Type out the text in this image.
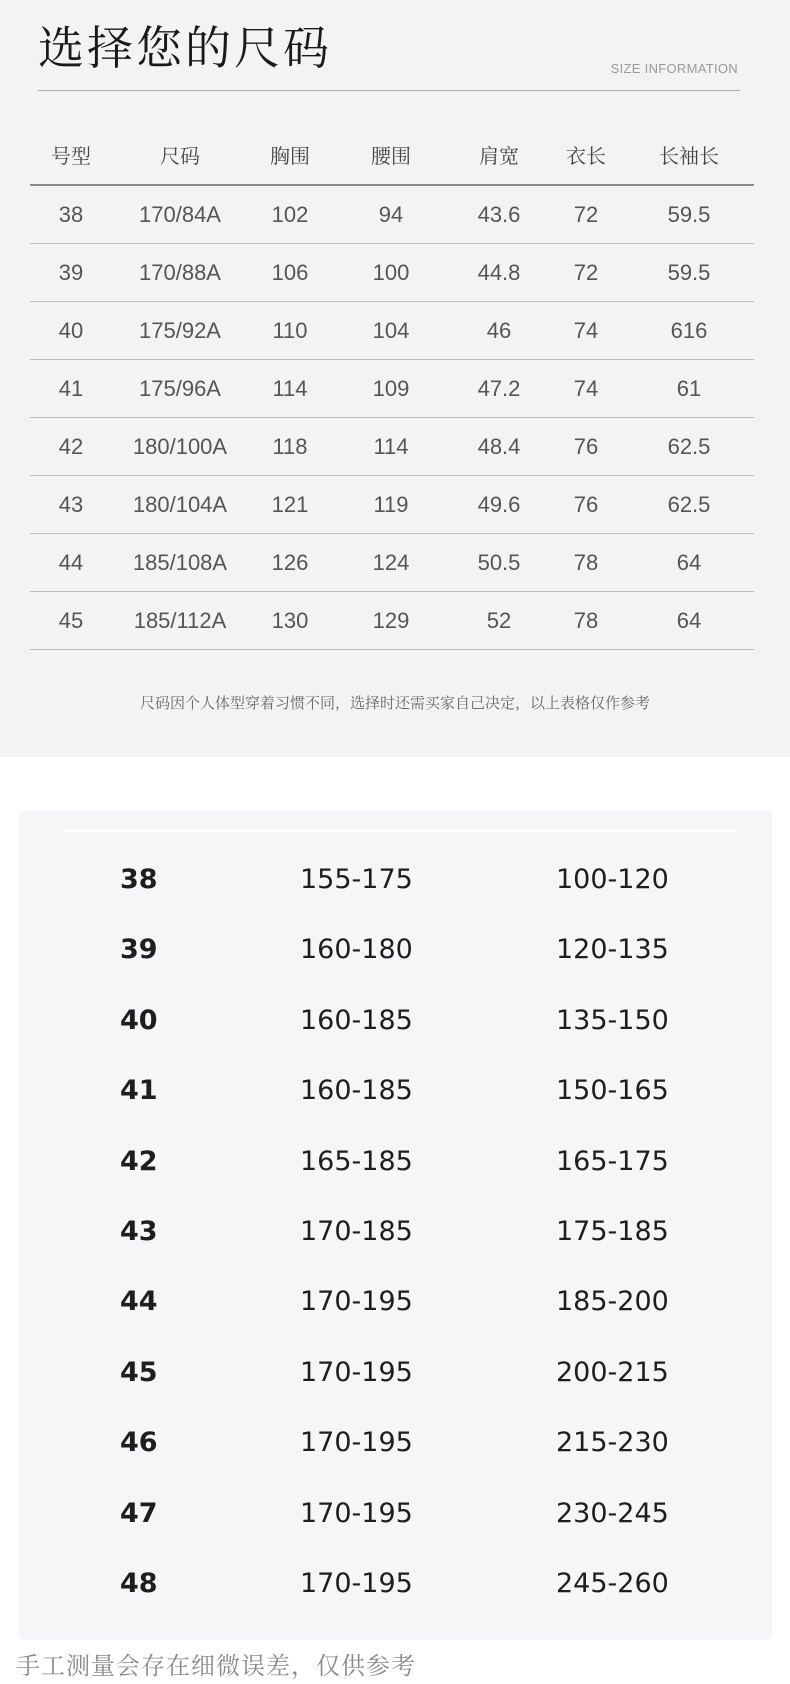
选择您的尺码	SIZE INFORMATION
号型	尺码	胸围	腰围	肩宽	衣长	长袖长
38	170/84A	102	94	43.6	72	59.5
39	170/88A	106	100	44.8	72	59.5
40	175/92A	110	104	46	74	616
41	175/96A	114	109	47.2	74	61
42	180/100A	118	114	48.4	76	62.5
43	180/104A	121	119	49.6	76	62.5
44	185/108A	126	124	50.5	78	64
45	185/112A	130	129	52	78	64
尺码因个人体型穿着习惯不同，选择时还需买家自己决定，以上表格仅作参考
38	155-175	100-120
39	160-180	120-135
40	160-185	135-150
41	160-185	150-165
42	165-185	165-175
43	170-185	175-185
44	170-195	185-200
45	170-195	200-215
46	170-195	215-230
47	170-195	230-245
48	170-195	245-260
手工测量会存在细微误差，仅供参考
